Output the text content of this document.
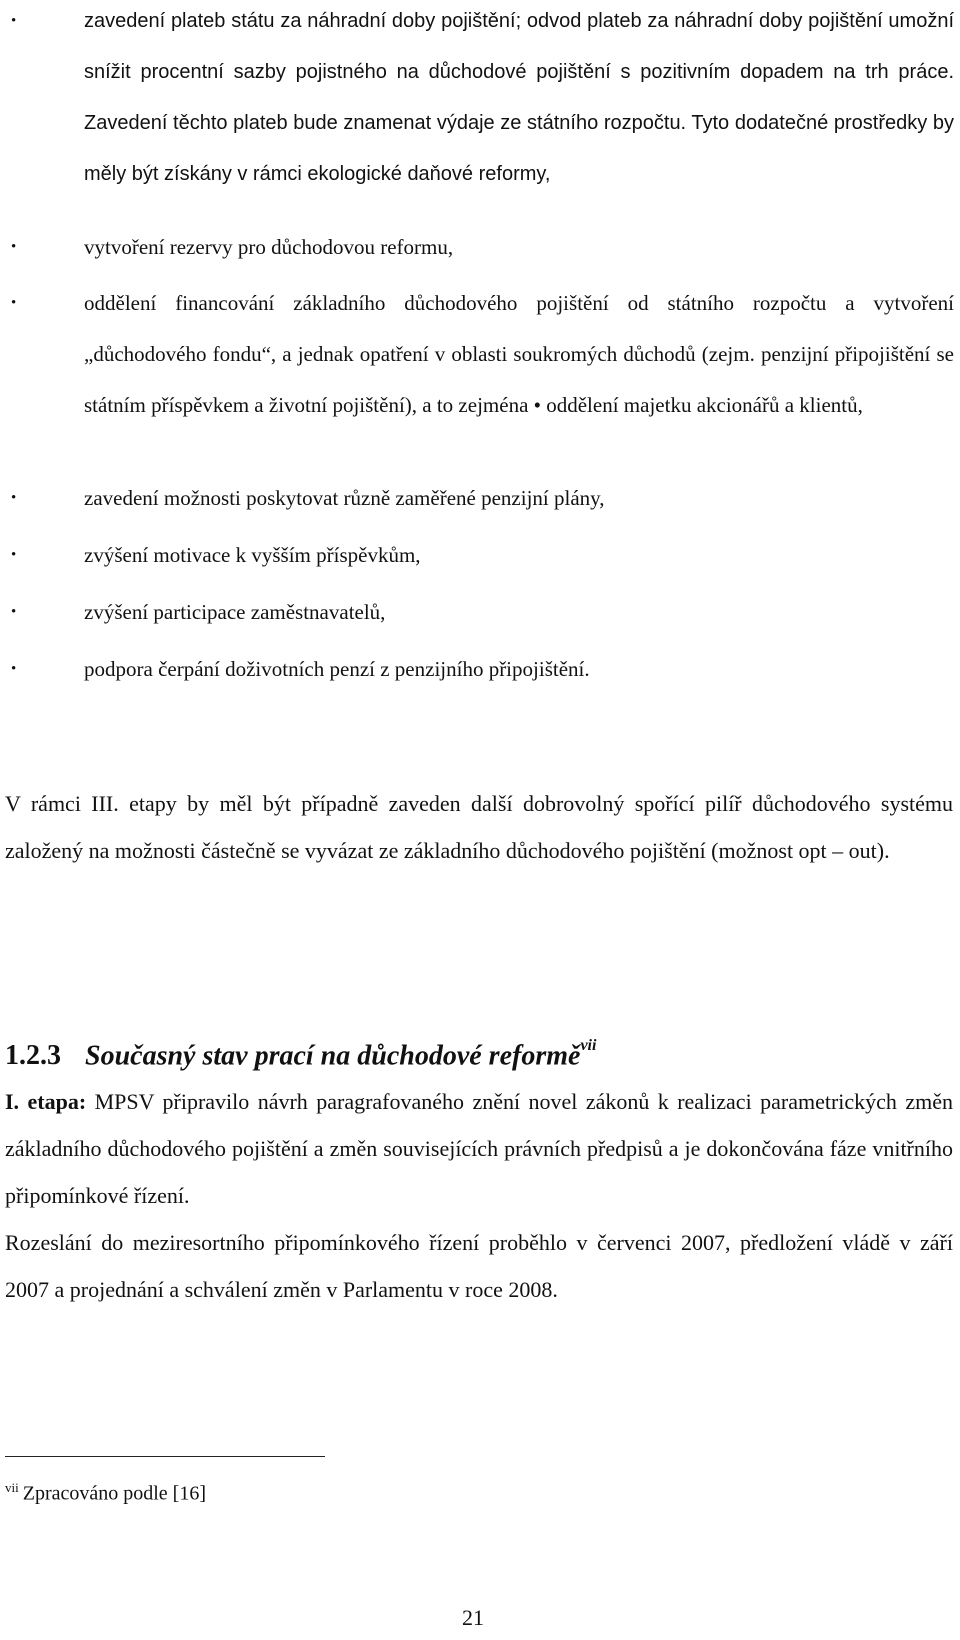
•	zavedení plateb státu za náhradní doby pojištění; odvod plateb za náhradní doby pojištění umožní snížit procentní sazby pojistného na důchodové pojištění s pozitivním dopadem na trh práce. Zavedení těchto plateb bude znamenat výdaje ze státního rozpočtu. Tyto dodatečné prostředky by měly být získány v rámci ekologické daňové reformy,
•	vytvoření rezervy pro důchodovou reformu,
•	oddělení financování základního důchodového pojištění od státního rozpočtu a vytvoření „důchodového fondu“, a jednak opatření v oblasti soukromých důchodů (zejm. penzijní připojištění se státním příspěvkem a životní pojištění), a to zejména • oddělení majetku akcionářů a klientů,
•	zavedení možnosti poskytovat různě zaměřené penzijní plány,
•	zvýšení motivace k vyšším příspěvkům,
•	zvýšení participace zaměstnavatelů,
•	podpora čerpání doživotních penzí z penzijního připojištění.

V rámci III. etapy by měl být případně zaveden další dobrovolný spořící pilíř důchodového systému založený na možnosti částečně se vyvázat ze základního důchodového pojištění (možnost opt – out).

1.2.3 Současný stav prací na důchodové reformě$^{vii}$

I. etapa: MPSV připravilo návrh paragrafovaného znění novel zákonů k realizaci parametrických změn základního důchodového pojištění a změn souvisejících právních předpisů a je dokončována fáze vnitřního připomínkové řízení.

Rozeslání do meziresortního připomínkového řízení proběhlo v červenci 2007, předložení vládě v září 2007 a projednání a schválení změn v Parlamentu v roce 2008.

$^{vii}$ Zpracováno podle [16]

21
